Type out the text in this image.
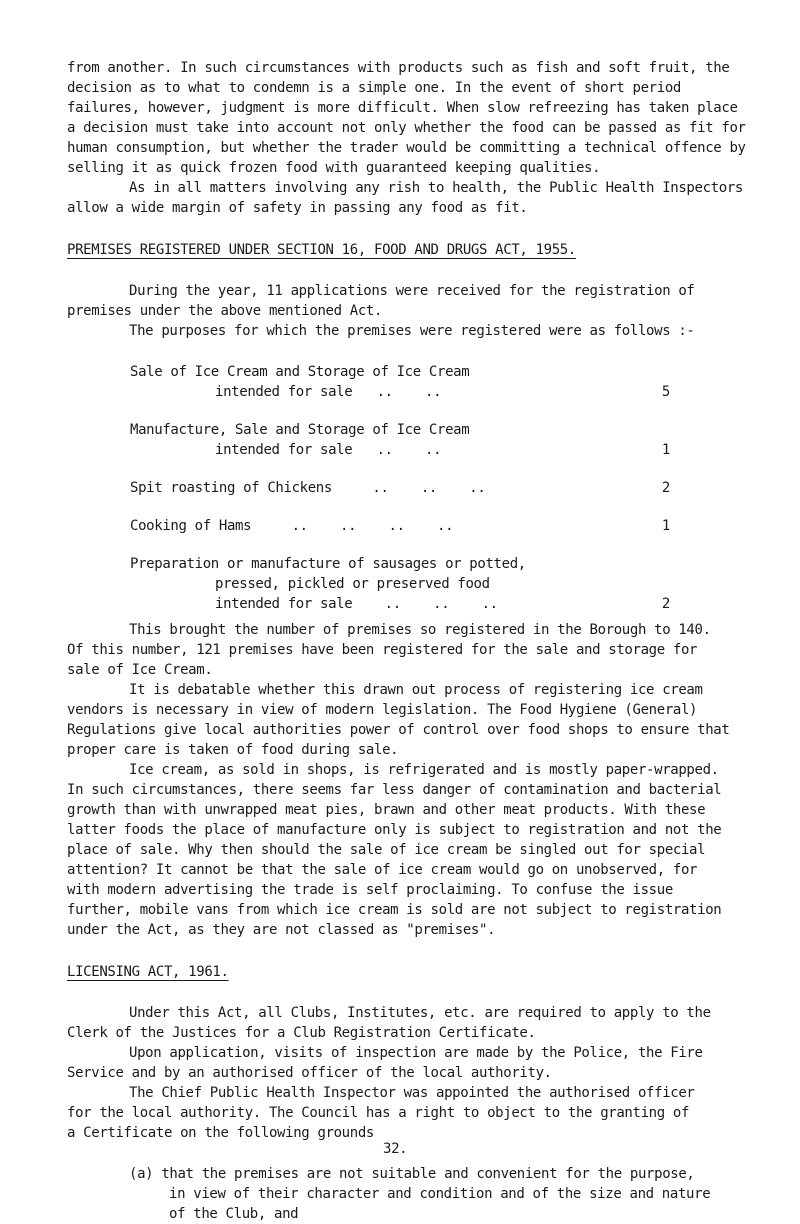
from another. In such circumstances with products such as fish and soft fruit, the
decision as to what to condemn is a simple one. In the event of short period
failures, however, judgment is more difficult. When slow refreezing has taken place
a decision must take into account not only whether the food can be passed as fit for
human consumption, but whether the trader would be committing a technical offence by
selling it as quick frozen food with guaranteed keeping qualities.
As in all matters involving any rish to health, the Public Health Inspectors
allow a wide margin of safety in passing any food as fit.
PREMISES REGISTERED UNDER SECTION 16, FOOD AND DRUGS ACT, 1955.
During the year, 11 applications were received for the registration of
premises under the above mentioned Act.
The purposes for which the premises were registered were as follows :-
Sale of Ice Cream and Storage of Ice Cream
intended for sale   ..    ..	5
Manufacture, Sale and Storage of Ice Cream
intended for sale   ..    ..	1
Spit roasting of Chickens     ..    ..    ..	2
Cooking of Hams     ..    ..    ..    ..	1
Preparation or manufacture of sausages or potted,
pressed, pickled or preserved food
intended for sale    ..    ..    ..	2
This brought the number of premises so registered in the Borough to 140.
Of this number, 121 premises have been registered for the sale and storage for
sale of Ice Cream.
It is debatable whether this drawn out process of registering ice cream
vendors is necessary in view of modern legislation. The Food Hygiene (General)
Regulations give local authorities power of control over food shops to ensure that
proper care is taken of food during sale.
Ice cream, as sold in shops, is refrigerated and is mostly paper-wrapped.
In such circumstances, there seems far less danger of contamination and bacterial
growth than with unwrapped meat pies, brawn and other meat products. With these
latter foods the place of manufacture only is subject to registration and not the
place of sale. Why then should the sale of ice cream be singled out for special
attention? It cannot be that the sale of ice cream would go on unobserved, for
with modern advertising the trade is self proclaiming. To confuse the issue
further, mobile vans from which ice cream is sold are not subject to registration
under the Act, as they are not classed as "premises".
LICENSING ACT, 1961.
Under this Act, all Clubs, Institutes, etc. are required to apply to the
Clerk of the Justices for a Club Registration Certificate.
Upon application, visits of inspection are made by the Police, the Fire
Service and by an authorised officer of the local authority.
The Chief Public Health Inspector was appointed the authorised officer
for the local authority. The Council has a right to object to the granting of
a Certificate on the following grounds
(a) that the premises are not suitable and convenient for the purpose,
in view of their character and condition and of the size and nature
of the Club, and
32.
